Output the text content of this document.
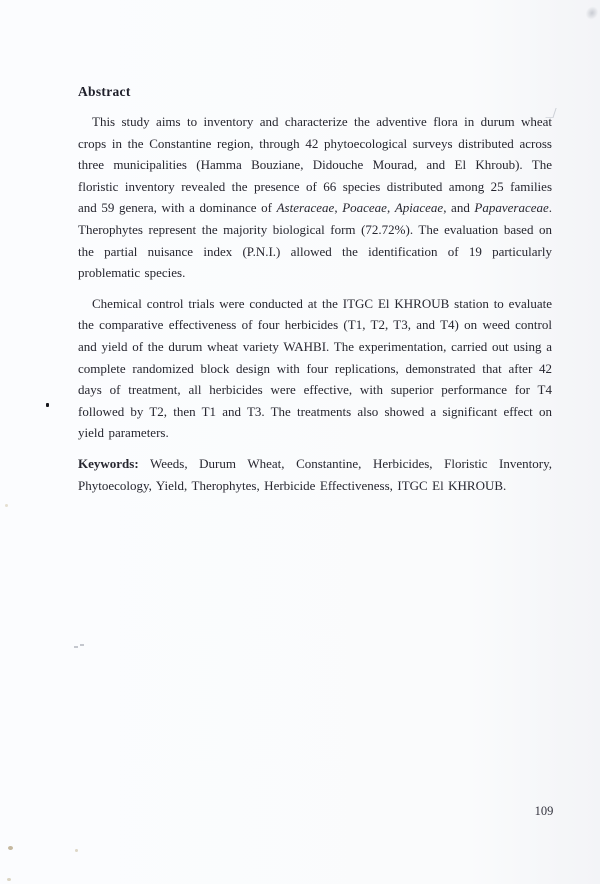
Abstract

This study aims to inventory and characterize the adventive flora in durum wheat crops in the Constantine region, through 42 phytoecological surveys distributed across three municipalities (Hamma Bouziane, Didouche Mourad, and El Khroub). The floristic inventory revealed the presence of 66 species distributed among 25 families and 59 genera, with a dominance of Asteraceae, Poaceae, Apiaceae, and Papaveraceae. Therophytes represent the majority biological form (72.72%). The evaluation based on the partial nuisance index (P.N.I.) allowed the identification of 19 particularly problematic species.

Chemical control trials were conducted at the ITGC El KHROUB station to evaluate the comparative effectiveness of four herbicides (T1, T2, T3, and T4) on weed control and yield of the durum wheat variety WAHBI. The experimentation, carried out using a complete randomized block design with four replications, demonstrated that after 42 days of treatment, all herbicides were effective, with superior performance for T4 followed by T2, then T1 and T3. The treatments also showed a significant effect on yield parameters.

Keywords: Weeds, Durum Wheat, Constantine, Herbicides, Floristic Inventory, Phytoecology, Yield, Therophytes, Herbicide Effectiveness, ITGC El KHROUB.

109
